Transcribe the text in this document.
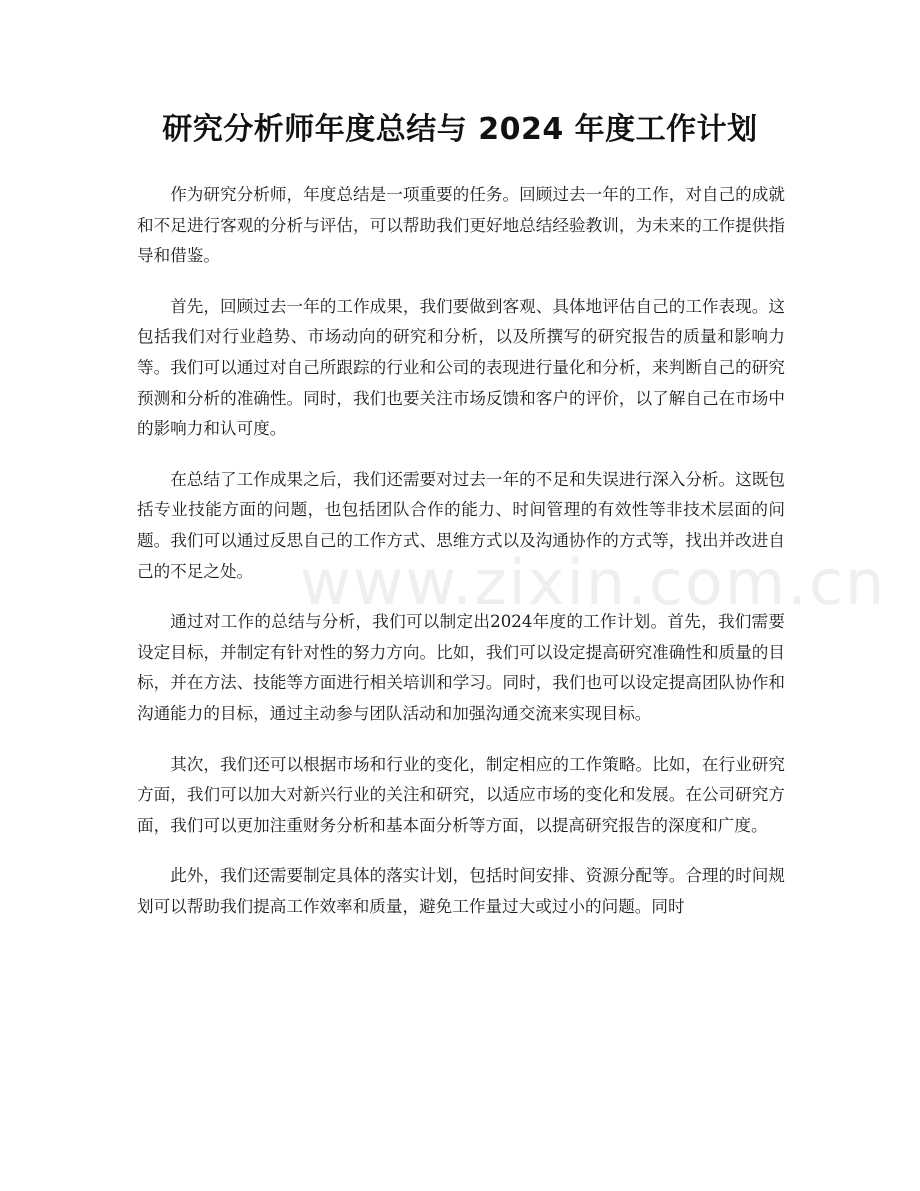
研究分析师年度总结与 2024 年度工作计划

作为研究分析师，年度总结是一项重要的任务。回顾过去一年的工作，对自己的成就和不足进行客观的分析与评估，可以帮助我们更好地总结经验教训，为未来的工作提供指导和借鉴。

首先，回顾过去一年的工作成果，我们要做到客观、具体地评估自己的工作表现。这包括我们对行业趋势、市场动向的研究和分析，以及所撰写的研究报告的质量和影响力等。我们可以通过对自己所跟踪的行业和公司的表现进行量化和分析，来判断自己的研究预测和分析的准确性。同时，我们也要关注市场反馈和客户的评价，以了解自己在市场中的影响力和认可度。

在总结了工作成果之后，我们还需要对过去一年的不足和失误进行深入分析。这既包括专业技能方面的问题，也包括团队合作的能力、时间管理的有效性等非技术层面的问题。我们可以通过反思自己的工作方式、思维方式以及沟通协作的方式等，找出并改进自己的不足之处。

通过对工作的总结与分析，我们可以制定出2024年度的工作计划。首先，我们需要设定目标，并制定有针对性的努力方向。比如，我们可以设定提高研究准确性和质量的目标，并在方法、技能等方面进行相关培训和学习。同时，我们也可以设定提高团队协作和沟通能力的目标，通过主动参与团队活动和加强沟通交流来实现目标。

其次，我们还可以根据市场和行业的变化，制定相应的工作策略。比如，在行业研究方面，我们可以加大对新兴行业的关注和研究，以适应市场的变化和发展。在公司研究方面，我们可以更加注重财务分析和基本面分析等方面，以提高研究报告的深度和广度。

此外，我们还需要制定具体的落实计划，包括时间安排、资源分配等。合理的时间规划可以帮助我们提高工作效率和质量，避免工作量过大或过小的问题。同时

www.zixin.com.cn
